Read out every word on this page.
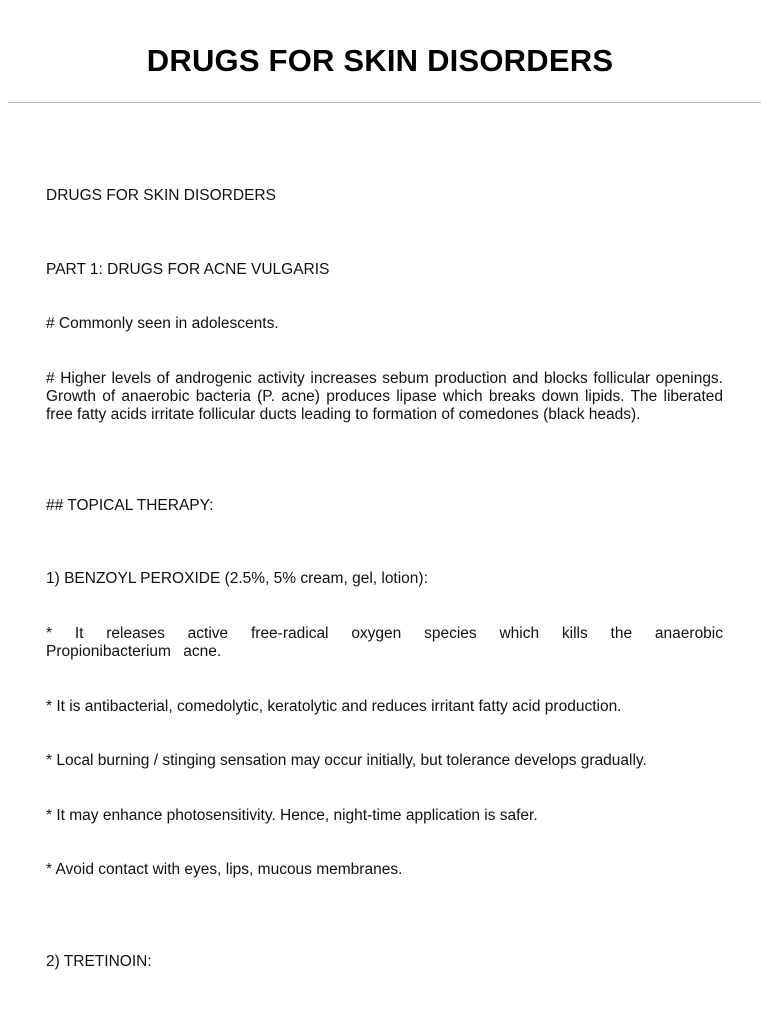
DRUGS FOR SKIN DISORDERS
DRUGS FOR SKIN DISORDERS
PART 1: DRUGS FOR ACNE VULGARIS
# Commonly seen in adolescents.
# Higher levels of androgenic activity increases sebum production and blocks follicular openings. Growth of anaerobic bacteria (P. acne) produces lipase which breaks down lipids. The liberated free fatty acids irritate follicular ducts leading to formation of comedones (black heads).
## TOPICAL THERAPY:
1) BENZOYL PEROXIDE (2.5%, 5% cream, gel, lotion):
* It releases active free-radical oxygen species which kills the anaerobic Propionibacterium acne.
* It is antibacterial, comedolytic, keratolytic and reduces irritant fatty acid production.
* Local burning / stinging sensation may occur initially, but tolerance develops gradually.
* It may enhance photosensitivity. Hence, night-time application is safer.
* Avoid contact with eyes, lips, mucous membranes.
2) TRETINOIN:
